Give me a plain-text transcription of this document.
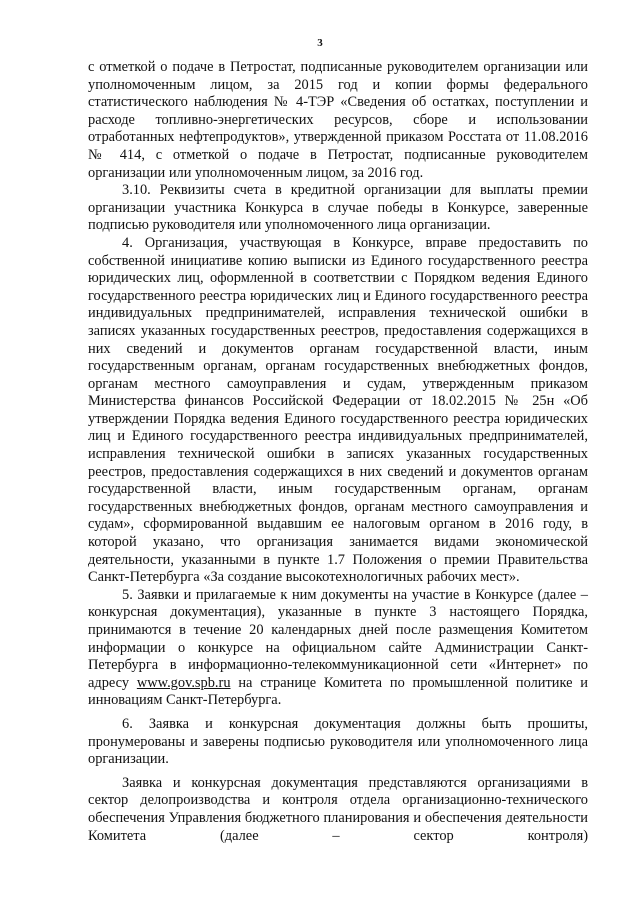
3

с отметкой о подаче в Петростат, подписанные руководителем организации или уполномоченным лицом, за 2015 год и копии формы федерального статистического наблюдения № 4-ТЭР «Сведения об остатках, поступлении и расходе топливно-энергетических ресурсов, сборе и использовании отработанных нефтепродуктов», утвержденной приказом Росстата от 11.08.2016 № 414, с отметкой о подаче в Петростат, подписанные руководителем организации или уполномоченным лицом, за 2016 год.

3.10. Реквизиты счета в кредитной организации для выплаты премии организации участника Конкурса в случае победы в Конкурсе, заверенные подписью руководителя или уполномоченного лица организации.

4. Организация, участвующая в Конкурсе, вправе предоставить по собственной инициативе копию выписки из Единого государственного реестра юридических лиц, оформленной в соответствии с Порядком ведения Единого государственного реестра юридических лиц и Единого государственного реестра индивидуальных предпринимателей, исправления технической ошибки в записях указанных государственных реестров, предоставления содержащихся в них сведений и документов органам государственной власти, иным государственным органам, органам государственных внебюджетных фондов, органам местного самоуправления и судам, утвержденным приказом Министерства финансов Российской Федерации от 18.02.2015 № 25н «Об утверждении Порядка ведения Единого государственного реестра юридических лиц и Единого государственного реестра индивидуальных предпринимателей, исправления технической ошибки в записях указанных государственных реестров, предоставления содержащихся в них сведений и документов органам государственной власти, иным государственным органам, органам государственных внебюджетных фондов, органам местного самоуправления и судам», сформированной выдавшим ее налоговым органом в 2016 году, в которой указано, что организация занимается видами экономической деятельности, указанными в пункте 1.7 Положения о премии Правительства Санкт-Петербурга «За создание высокотехнологичных рабочих мест».

5. Заявки и прилагаемые к ним документы на участие в Конкурсе (далее – конкурсная документация), указанные в пункте 3 настоящего Порядка, принимаются в течение 20 календарных дней после размещения Комитетом информации о конкурсе на официальном сайте Администрации Санкт-Петербурга в информационно-телекоммуникационной сети «Интернет» по адресу www.gov.spb.ru на странице Комитета по промышленной политике и инновациям Санкт-Петербурга.

6. Заявка и конкурсная документация должны быть прошиты, пронумерованы и заверены подписью руководителя или уполномоченного лица организации.

Заявка и конкурсная документация представляются организациями в сектор делопроизводства и контроля отдела организационно-технического обеспечения Управления бюджетного планирования и обеспечения деятельности Комитета (далее – сектор контроля)
